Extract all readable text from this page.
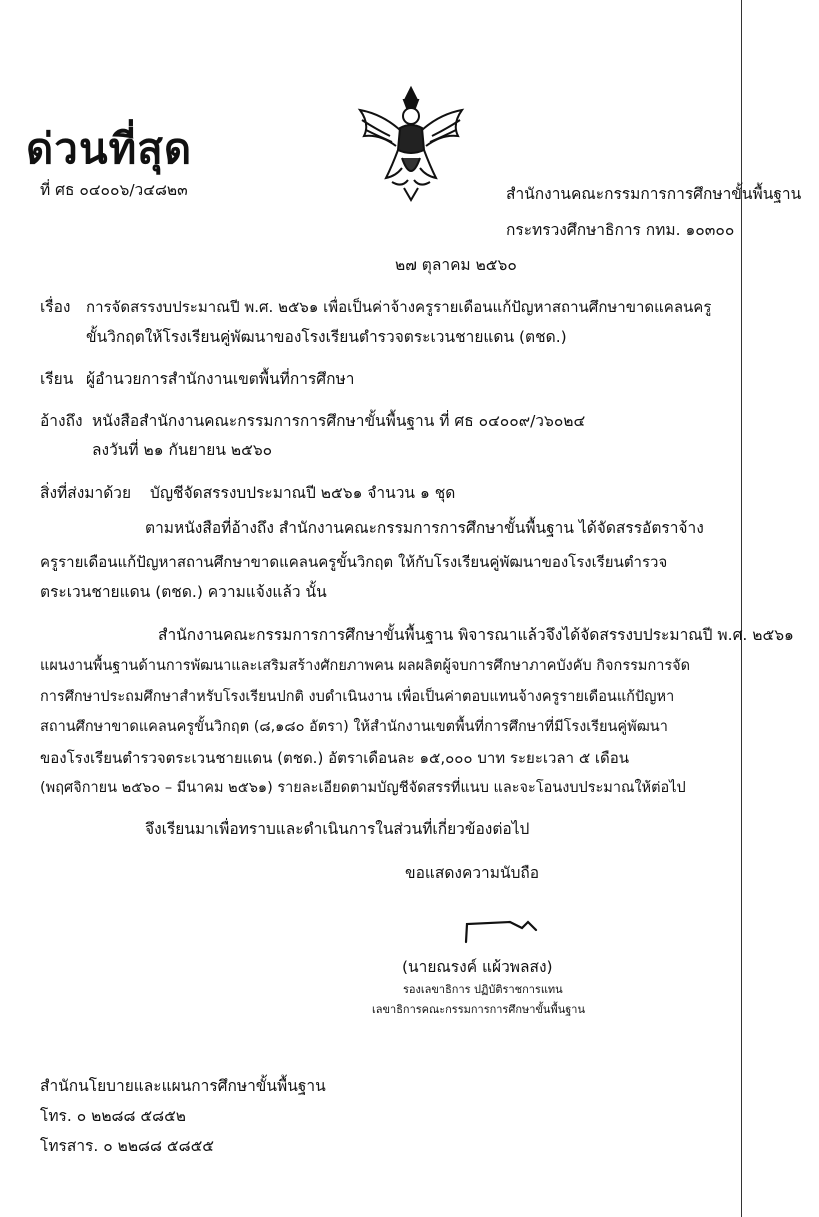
ด่วนที่สุด
ที่ ศธ ๐๔๐๐๖/ว๔๘๒๓	สำนักงานคณะกรรมการการศึกษาขั้นพื้นฐาน
กระทรวงศึกษาธิการ กทม. ๑๐๓๐๐
๒๗ ตุลาคม ๒๕๖๐
เรื่อง การจัดสรรงบประมาณปี พ.ศ. ๒๕๖๑ เพื่อเป็นค่าจ้างครูรายเดือนแก้ปัญหาสถานศึกษาขาดแคลนครู
ขั้นวิกฤตให้โรงเรียนคู่พัฒนาของโรงเรียนตำรวจตระเวนชายแดน (ตชด.)
เรียน ผู้อำนวยการสำนักงานเขตพื้นที่การศึกษา
อ้างถึง หนังสือสำนักงานคณะกรรมการการศึกษาขั้นพื้นฐาน ที่ ศธ ๐๔๐๐๙/ว๖๐๒๔
ลงวันที่ ๒๑ กันยายน ๒๕๖๐
สิ่งที่ส่งมาด้วย บัญชีจัดสรรงบประมาณปี ๒๕๖๑ จำนวน ๑ ชุด
ตามหนังสือที่อ้างถึง สำนักงานคณะกรรมการการศึกษาขั้นพื้นฐาน ได้จัดสรรอัตราจ้าง
ครูรายเดือนแก้ปัญหาสถานศึกษาขาดแคลนครูขั้นวิกฤต ให้กับโรงเรียนคู่พัฒนาของโรงเรียนตำรวจ
ตระเวนชายแดน (ตชด.) ความแจ้งแล้ว นั้น
สำนักงานคณะกรรมการการศึกษาขั้นพื้นฐาน พิจารณาแล้วจึงได้จัดสรรงบประมาณปี พ.ศ. ๒๕๖๑
แผนงานพื้นฐานด้านการพัฒนาและเสริมสร้างศักยภาพคน ผลผลิตผู้จบการศึกษาภาคบังคับ กิจกรรมการจัด
การศึกษาประถมศึกษาสำหรับโรงเรียนปกติ งบดำเนินงาน เพื่อเป็นค่าตอบแทนจ้างครูรายเดือนแก้ปัญหา
สถานศึกษาขาดแคลนครูขั้นวิกฤต (๘,๑๘๐ อัตรา) ให้สำนักงานเขตพื้นที่การศึกษาที่มีโรงเรียนคู่พัฒนา
ของโรงเรียนตำรวจตระเวนชายแดน (ตชด.) อัตราเดือนละ ๑๕,๐๐๐ บาท ระยะเวลา ๕ เดือน
(พฤศจิกายน ๒๕๖๐ – มีนาคม ๒๕๖๑) รายละเอียดตามบัญชีจัดสรรที่แนบ และจะโอนงบประมาณให้ต่อไป
จึงเรียนมาเพื่อทราบและดำเนินการในส่วนที่เกี่ยวข้องต่อไป
ขอแสดงความนับถือ
(นายณรงค์ แผ้วพลสง)
รองเลขาธิการ ปฏิบัติราชการแทน
เลขาธิการคณะกรรมการการศึกษาขั้นพื้นฐาน
สำนักนโยบายและแผนการศึกษาขั้นพื้นฐาน
โทร. ๐ ๒๒๘๘ ๕๘๕๒
โทรสาร. ๐ ๒๒๘๘ ๕๘๕๕
